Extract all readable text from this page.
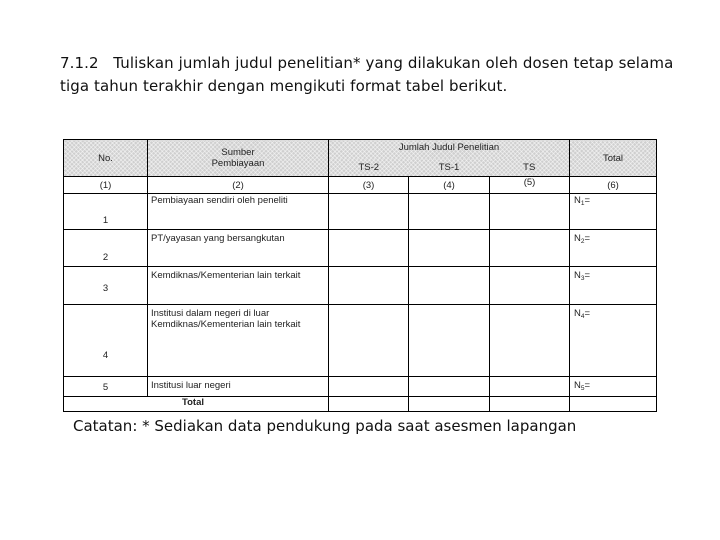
7.1.2   Tuliskan jumlah judul penelitian* yang dilakukan oleh dosen tetap selama
tiga tahun terakhir dengan mengikuti format tabel berikut.
No.	Sumber Pembiayaan	Jumlah Judul Penelitian			Total
		TS-2	TS-1	TS	
(1)	(2)	(3)	(4)	(5)	(6)
1	Pembiayaan sendiri oleh peneliti				$N_1=$
2	PT/yayasan yang bersangkutan				$N_2=$
3	Kemdiknas/Kementerian lain terkait				$N_3=$
4	Institusi dalam negeri di luar Kemdiknas/Kementerian lain terkait				$N_4=$
5	Institusi luar negeri				$N_5=$
Total					
Catatan: * Sediakan data pendukung pada saat asesmen lapangan
